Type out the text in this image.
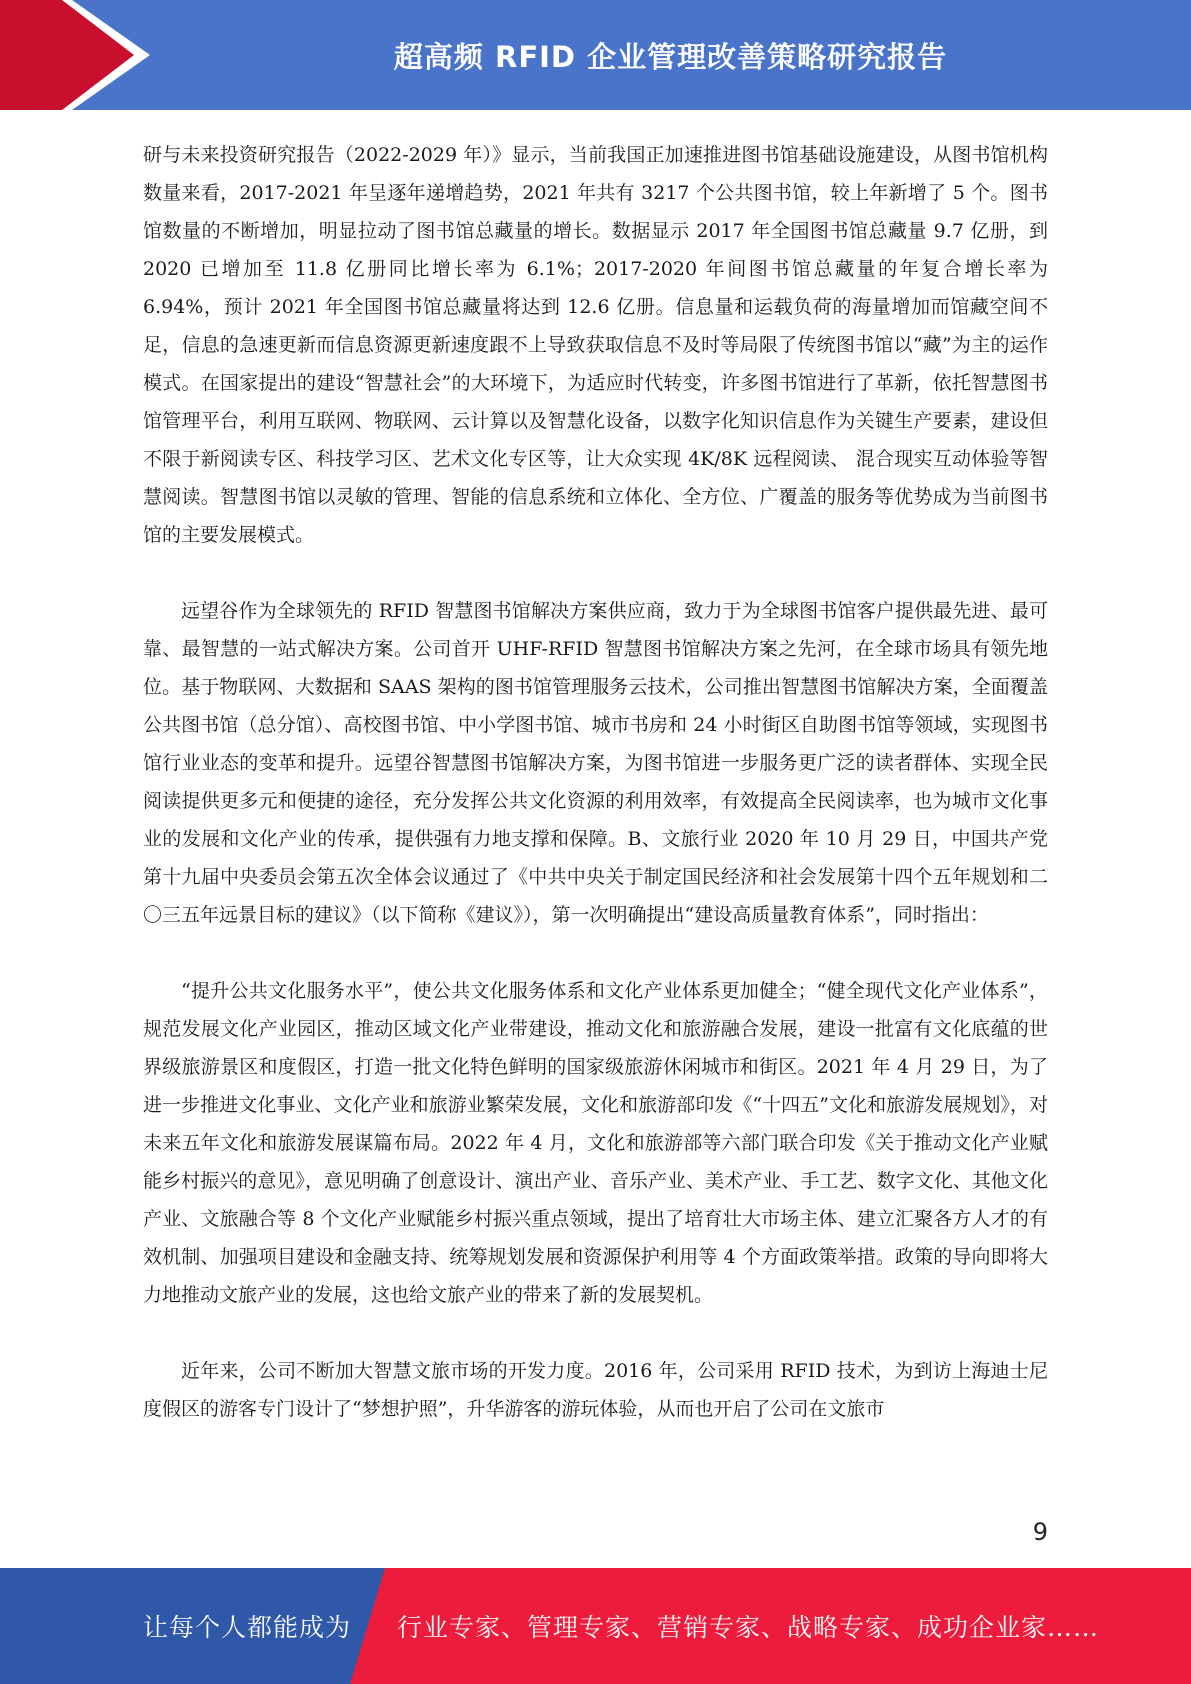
超高频 RFID 企业管理改善策略研究报告

研与未来投资研究报告（2022-2029 年）》显示，当前我国正加速推进图书馆基础设施建设，从图书馆机构数量来看，2017-2021 年呈逐年递增趋势，2021 年共有 3217 个公共图书馆，较上年新增了 5 个。图书馆数量的不断增加，明显拉动了图书馆总藏量的增长。数据显示 2017 年全国图书馆总藏量 9.7 亿册，到 2020 已增加至 11.8 亿册同比增长率为 6.1%；2017-2020 年间图书馆总藏量的年复合增长率为 6.94%，预计 2021 年全国图书馆总藏量将达到 12.6 亿册。信息量和运载负荷的海量增加而馆藏空间不足，信息的急速更新而信息资源更新速度跟不上导致获取信息不及时等局限了传统图书馆以“藏”为主的运作模式。在国家提出的建设“智慧社会”的大环境下，为适应时代转变，许多图书馆进行了革新，依托智慧图书馆管理平台，利用互联网、物联网、云计算以及智慧化设备，以数字化知识信息作为关键生产要素，建设但不限于新阅读专区、科技学习区、艺术文化专区等，让大众实现 4K/8K 远程阅读、 混合现实互动体验等智慧阅读。智慧图书馆以灵敏的管理、智能的信息系统和立体化、全方位、广覆盖的服务等优势成为当前图书馆的主要发展模式。

远望谷作为全球领先的 RFID 智慧图书馆解决方案供应商，致力于为全球图书馆客户提供最先进、最可靠、最智慧的一站式解决方案。公司首开 UHF-RFID 智慧图书馆解决方案之先河，在全球市场具有领先地位。基于物联网、大数据和 SAAS 架构的图书馆管理服务云技术，公司推出智慧图书馆解决方案，全面覆盖公共图书馆（总分馆）、高校图书馆、中小学图书馆、城市书房和 24 小时街区自助图书馆等领域，实现图书馆行业业态的变革和提升。远望谷智慧图书馆解决方案，为图书馆进一步服务更广泛的读者群体、实现全民阅读提供更多元和便捷的途径，充分发挥公共文化资源的利用效率，有效提高全民阅读率，也为城市文化事业的发展和文化产业的传承，提供强有力地支撑和保障。B、文旅行业 2020 年 10 月 29 日，中国共产党第十九届中央委员会第五次全体会议通过了《中共中央关于制定国民经济和社会发展第十四个五年规划和二〇三五年远景目标的建议》（以下简称《建议》），第一次明确提出“建设高质量教育体系”，同时指出：

“提升公共文化服务水平”，使公共文化服务体系和文化产业体系更加健全；“健全现代文化产业体系”，规范发展文化产业园区，推动区域文化产业带建设，推动文化和旅游融合发展，建设一批富有文化底蕴的世界级旅游景区和度假区，打造一批文化特色鲜明的国家级旅游休闲城市和街区。2021 年 4 月 29 日，为了进一步推进文化事业、文化产业和旅游业繁荣发展，文化和旅游部印发《“十四五”文化和旅游发展规划》，对未来五年文化和旅游发展谋篇布局。2022 年 4 月，文化和旅游部等六部门联合印发《关于推动文化产业赋能乡村振兴的意见》，意见明确了创意设计、演出产业、音乐产业、美术产业、手工艺、数字文化、其他文化产业、文旅融合等 8 个文化产业赋能乡村振兴重点领域，提出了培育壮大市场主体、建立汇聚各方人才的有效机制、加强项目建设和金融支持、统筹规划发展和资源保护利用等 4 个方面政策举措。政策的导向即将大力地推动文旅产业的发展，这也给文旅产业的带来了新的发展契机。

近年来，公司不断加大智慧文旅市场的开发力度。2016 年，公司采用 RFID 技术，为到访上海迪士尼度假区的游客专门设计了“梦想护照”，升华游客的游玩体验，从而也开启了公司在文旅市

9
让每个人都能成为 行业专家、管理专家、营销专家、战略专家、成功企业家……
